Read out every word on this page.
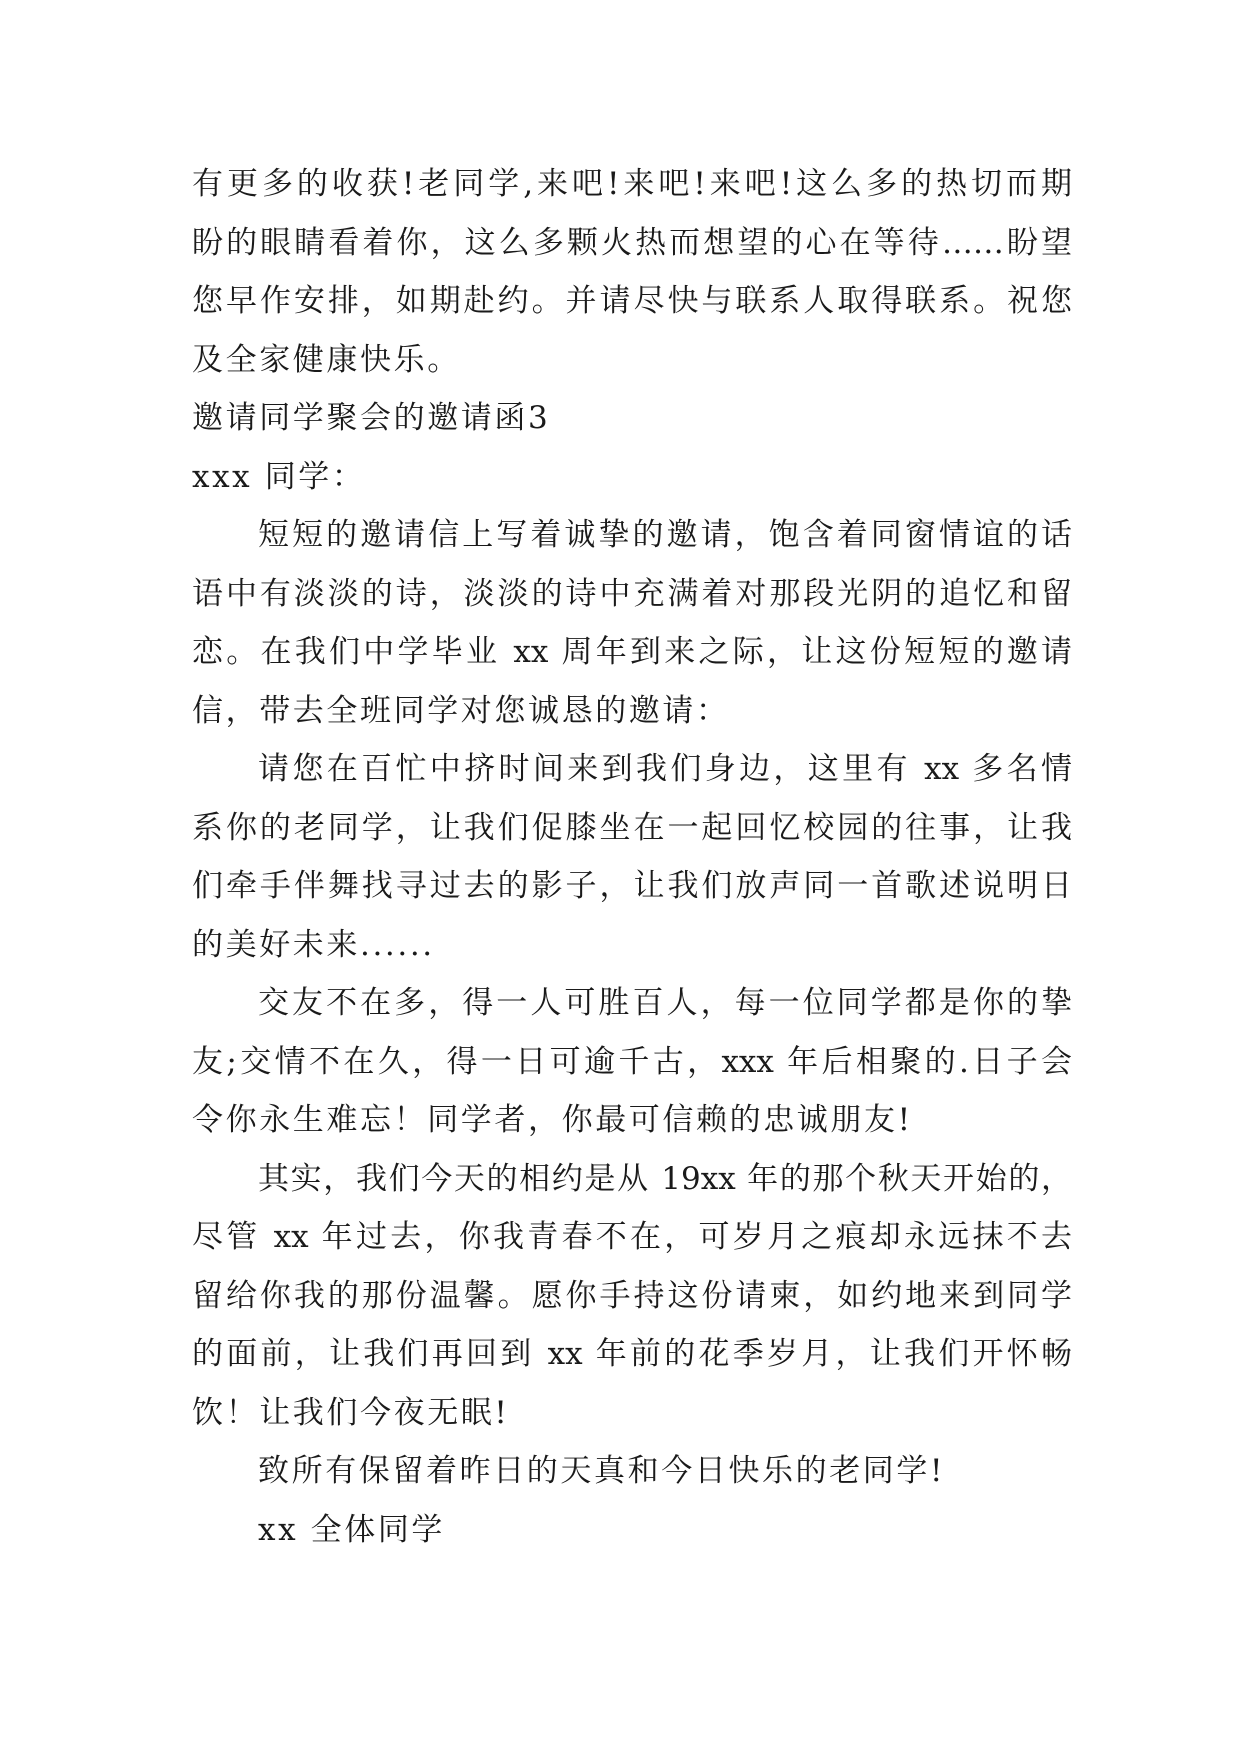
有更多的收获!老同学,来吧!来吧!来吧!这么多的热切而期
盼的眼睛看着你，这么多颗火热而想望的心在等待……盼望
您早作安排，如期赴约。并请尽快与联系人取得联系。祝您
及全家健康快乐。
邀请同学聚会的邀请函3
xxx 同学：
短短的邀请信上写着诚挚的邀请，饱含着同窗情谊的话
语中有淡淡的诗，淡淡的诗中充满着对那段光阴的追忆和留
恋。在我们中学毕业 xx 周年到来之际，让这份短短的邀请
信，带去全班同学对您诚恳的邀请：
请您在百忙中挤时间来到我们身边，这里有 xx 多名情
系你的老同学，让我们促膝坐在一起回忆校园的往事，让我
们牵手伴舞找寻过去的影子，让我们放声同一首歌述说明日
的美好未来......
交友不在多，得一人可胜百人，每一位同学都是你的挚
友;交情不在久，得一日可逾千古，xxx 年后相聚的.日子会
令你永生难忘！同学者，你最可信赖的忠诚朋友!
其实，我们今天的相约是从 19xx 年的那个秋天开始的，
尽管 xx 年过去，你我青春不在，可岁月之痕却永远抹不去
留给你我的那份温馨。愿你手持这份请柬，如约地来到同学
的面前，让我们再回到 xx 年前的花季岁月，让我们开怀畅
饮！让我们今夜无眠!
致所有保留着昨日的天真和今日快乐的老同学!
xx 全体同学
